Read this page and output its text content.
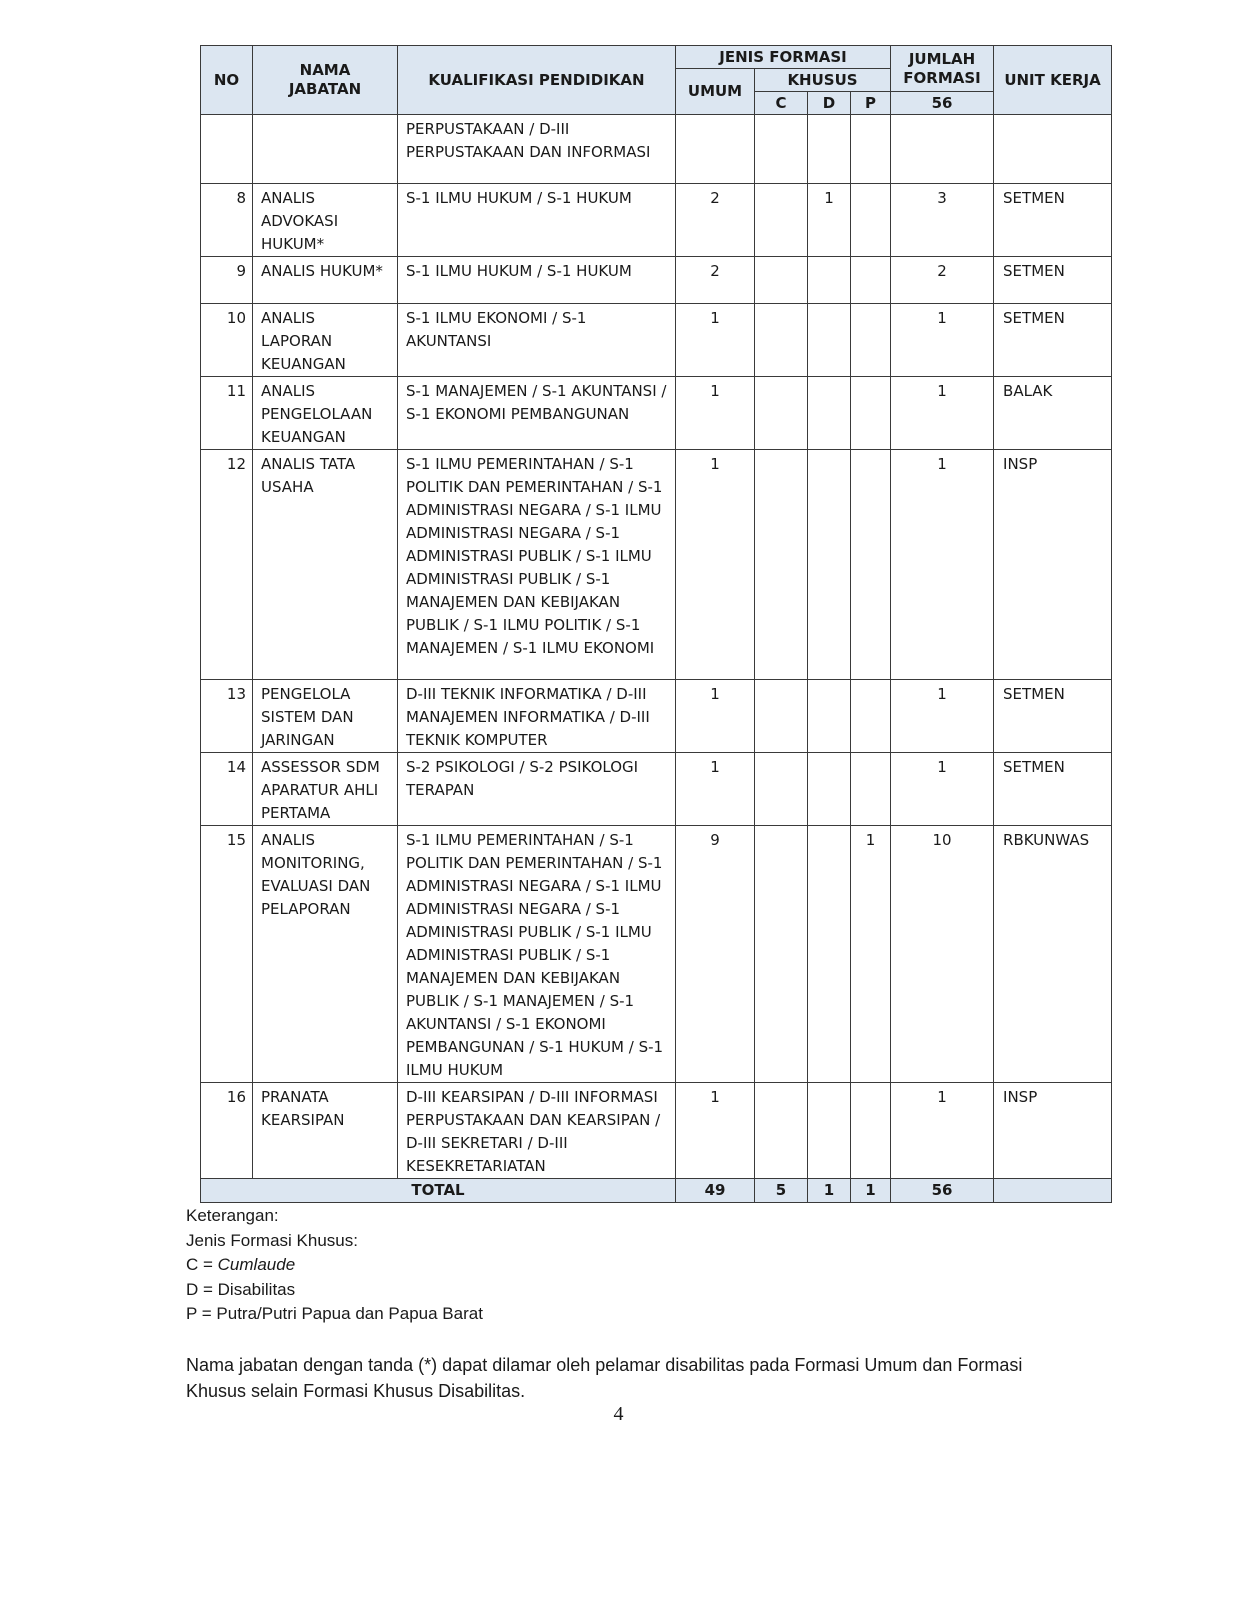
NO	NAMA JABATAN	KUALIFIKASI PENDIDIKAN	JENIS FORMASI				JUMLAH FORMASI	UNIT KERJA
			UMUM	KHUSUS				
				C	D	P	56	
		PERPUSTAKAAN / D-III PERPUSTAKAAN DAN INFORMASI						
8	ANALIS ADVOKASI HUKUM*	S-1 ILMU HUKUM / S-1 HUKUM	2		1		3	SETMEN
9	ANALIS HUKUM*	S-1 ILMU HUKUM / S-1 HUKUM	2				2	SETMEN
10	ANALIS LAPORAN KEUANGAN	S-1 ILMU EKONOMI / S-1 AKUNTANSI	1				1	SETMEN
11	ANALIS PENGELOLAAN KEUANGAN	S-1 MANAJEMEN / S-1 AKUNTANSI / S-1 EKONOMI PEMBANGUNAN	1				1	BALAK
12	ANALIS TATA USAHA	S-1 ILMU PEMERINTAHAN / S-1 POLITIK DAN PEMERINTAHAN / S-1 ADMINISTRASI NEGARA / S-1 ILMU ADMINISTRASI NEGARA / S-1 ADMINISTRASI PUBLIK / S-1 ILMU ADMINISTRASI PUBLIK / S-1 MANAJEMEN DAN KEBIJAKAN PUBLIK / S-1 ILMU POLITIK / S-1 MANAJEMEN / S-1 ILMU EKONOMI	1				1	INSP
13	PENGELOLA SISTEM DAN JARINGAN	D-III TEKNIK INFORMATIKA / D-III MANAJEMEN INFORMATIKA / D-III TEKNIK KOMPUTER	1				1	SETMEN
14	ASSESSOR SDM APARATUR AHLI PERTAMA	S-2 PSIKOLOGI / S-2 PSIKOLOGI TERAPAN	1				1	SETMEN
15	ANALIS MONITORING, EVALUASI DAN PELAPORAN	S-1 ILMU PEMERINTAHAN / S-1 POLITIK DAN PEMERINTAHAN / S-1 ADMINISTRASI NEGARA / S-1 ILMU ADMINISTRASI NEGARA / S-1 ADMINISTRASI PUBLIK / S-1 ILMU ADMINISTRASI PUBLIK / S-1 MANAJEMEN DAN KEBIJAKAN PUBLIK / S-1 MANAJEMEN / S-1 AKUNTANSI / S-1 EKONOMI PEMBANGUNAN / S-1 HUKUM / S-1 ILMU HUKUM	9			1	10	RBKUNWAS
16	PRANATA KEARSIPAN	D-III KEARSIPAN / D-III INFORMASI PERPUSTAKAAN DAN KEARSIPAN / D-III SEKRETARI / D-III KESEKRETARIATAN	1				1	INSP
TOTAL			49	5	1	1	56	
Keterangan:
Jenis Formasi Khusus:
C = Cumlaude
D = Disabilitas
P = Putra/Putri Papua dan Papua Barat
Nama jabatan dengan tanda (*) dapat dilamar oleh pelamar disabilitas pada Formasi Umum dan Formasi Khusus selain Formasi Khusus Disabilitas.
4
